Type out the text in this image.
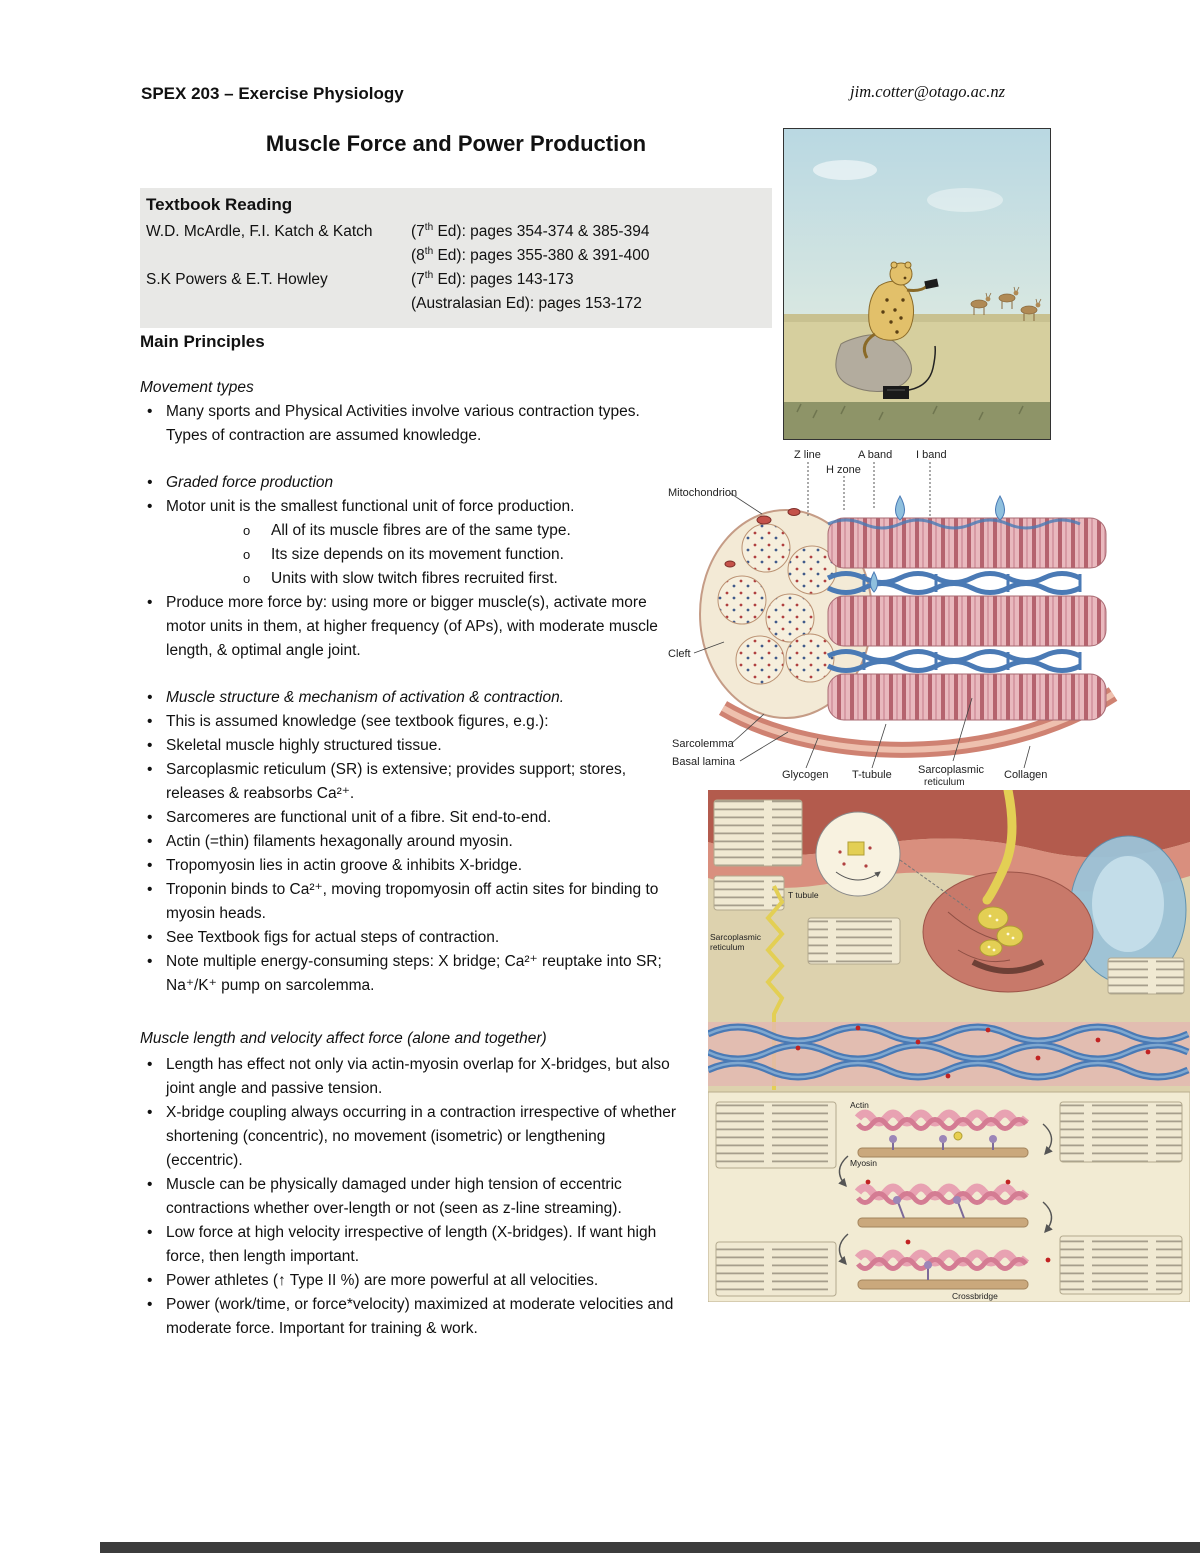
SPEX 203 – Exercise Physiology	jim.cotter@otago.ac.nz
Muscle Force and Power Production
Textbook Reading
W.D. McArdle, F.I. Katch & Katch	(7th Ed): pages 354-374 & 385-394
(8th Ed): pages 355-380 & 391-400
S.K Powers & E.T. Howley	(7th Ed): pages 143-173
(Australasian Ed): pages 153-172
Main Principles

Movement types

• Many sports and Physical Activities involve various contraction types. Types of contraction are assumed knowledge.
• Graded force production
• Motor unit is the smallest functional unit of force production.
o All of its muscle fibres are of the same type.
o Its size depends on its movement function.
o Units with slow twitch fibres recruited first.
• Produce more force by: using more or bigger muscle(s), activate more motor units in them, at higher frequency (of APs), with moderate muscle length, & optimal angle joint.
• Muscle structure & mechanism of activation & contraction.
• This is assumed knowledge (see textbook figures, e.g.):
• Skeletal muscle highly structured tissue.
• Sarcoplasmic reticulum (SR) is extensive; provides support; stores, releases & reabsorbs Ca²⁺.
• Sarcomeres are functional unit of a fibre. Sit end-to-end.
• Actin (=thin) filaments hexagonally around myosin.
• Tropomyosin lies in actin groove & inhibits X-bridge.
• Troponin binds to Ca²⁺, moving tropomyosin off actin sites for binding to myosin heads.
• See Textbook figs for actual steps of contraction.
• Note multiple energy-consuming steps: X bridge; Ca²⁺ reuptake into SR; Na⁺/K⁺ pump on sarcolemma.

Muscle length and velocity affect force (alone and together)

• Length has effect not only via actin-myosin overlap for X-bridges, but also joint angle and passive tension.
• X-bridge coupling always occurring in a contraction irrespective of whether shortening (concentric), no movement (isometric) or lengthening (eccentric).
• Muscle can be physically damaged under high tension of eccentric contractions whether over-length or not (seen as z-line streaming).
• Low force at high velocity irrespective of length (X-bridges). If want high force, then length important.
• Power athletes (↑ Type II %) are more powerful at all velocities.
• Power (work/time, or force*velocity) maximized at moderate velocities and moderate force. Important for training & work.
Z line	A band I band
H zone
Mitochondrion
Cleft
Sarcolemma
Basal lamina
Glycogen T-tubule Sarcoplasmic
reticulum
Collagen
T tubule
Sarcoplasmic
reticulum
Actin
Myosin
Crossbridge
